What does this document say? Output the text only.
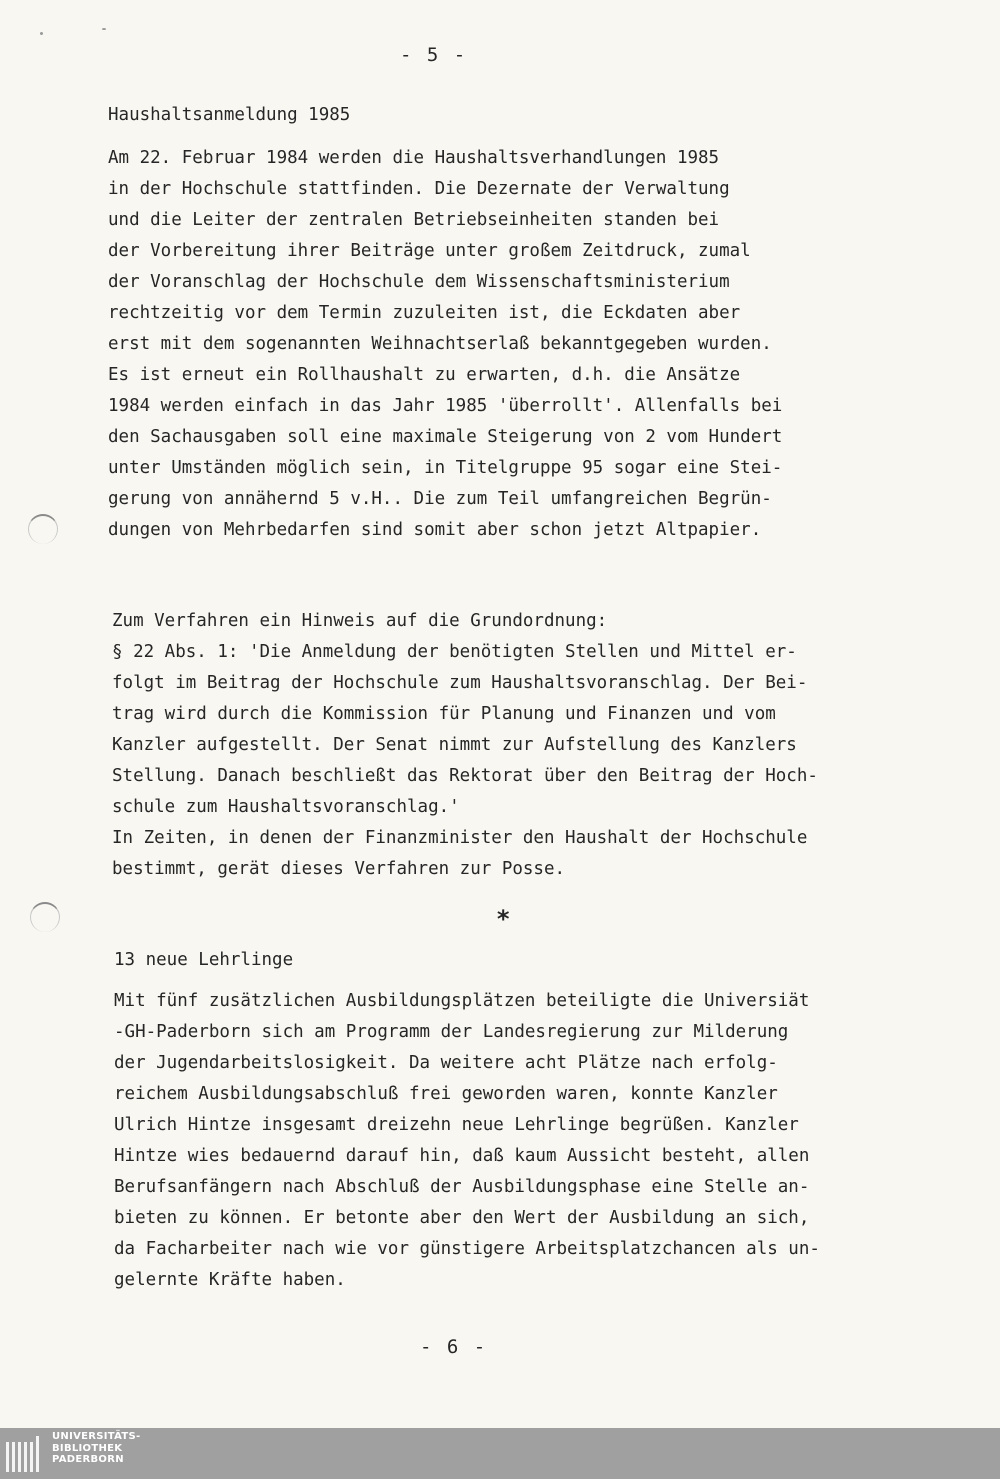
- 5 -
Haushaltsanmeldung 1985
Am 22. Februar 1984 werden die Haushaltsverhandlungen 1985
in der Hochschule stattfinden. Die Dezernate der Verwaltung
und die Leiter der zentralen Betriebseinheiten standen bei
der Vorbereitung ihrer Beiträge unter großem Zeitdruck, zumal
der Voranschlag der Hochschule dem Wissenschaftsministerium
rechtzeitig vor dem Termin zuzuleiten ist, die Eckdaten aber
erst mit dem sogenannten Weihnachtserlaß bekanntgegeben wurden.
Es ist erneut ein Rollhaushalt zu erwarten, d.h. die Ansätze
1984 werden einfach in das Jahr 1985 'überrollt'. Allenfalls bei
den Sachausgaben soll eine maximale Steigerung von 2 vom Hundert
unter Umständen möglich sein, in Titelgruppe 95 sogar eine Stei-
gerung von annähernd 5 v.H.. Die zum Teil umfangreichen Begrün-
dungen von Mehrbedarfen sind somit aber schon jetzt Altpapier.
Zum Verfahren ein Hinweis auf die Grundordnung:
§ 22 Abs. 1: 'Die Anmeldung der benötigten Stellen und Mittel er-
folgt im Beitrag der Hochschule zum Haushaltsvoranschlag. Der Bei-
trag wird durch die Kommission für Planung und Finanzen und vom
Kanzler aufgestellt. Der Senat nimmt zur Aufstellung des Kanzlers
Stellung. Danach beschließt das Rektorat über den Beitrag der Hoch-
schule zum Haushaltsvoranschlag.'
In Zeiten, in denen der Finanzminister den Haushalt der Hochschule
bestimmt, gerät dieses Verfahren zur Posse.
*
13 neue Lehrlinge
Mit fünf zusätzlichen Ausbildungsplätzen beteiligte die Universiät
-GH-Paderborn sich am Programm der Landesregierung zur Milderung
der Jugendarbeitslosigkeit. Da weitere acht Plätze nach erfolg-
reichem Ausbildungsabschluß frei geworden waren, konnte Kanzler
Ulrich Hintze insgesamt dreizehn neue Lehrlinge begrüßen. Kanzler
Hintze wies bedauernd darauf hin, daß kaum Aussicht besteht, allen
Berufsanfängern nach Abschluß der Ausbildungsphase eine Stelle an-
bieten zu können. Er betonte aber den Wert der Ausbildung an sich,
da Facharbeiter nach wie vor günstigere Arbeitsplatzchancen als un-
gelernte Kräfte haben.
- 6 -
UNIVERSITÄTS-
BIBLIOTHEK
PADERBORN
